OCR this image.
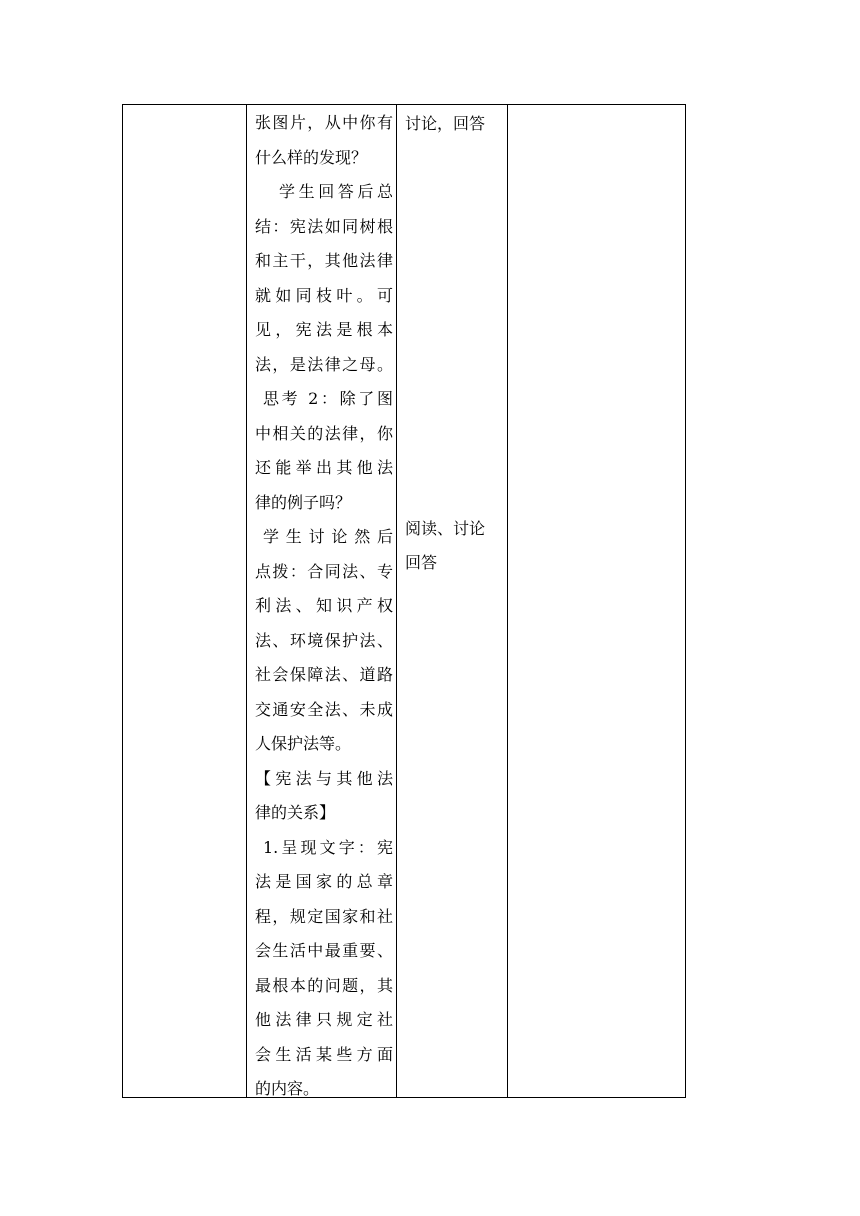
张图片，从中你有
什么样的发现？
学生回答后总
结：宪法如同树根
和主干，其他法律
就如同枝叶。可
见，宪法是根本
法，是法律之母。
思考 2：除了图
中相关的法律，你
还能举出其他法
律的例子吗？
学生讨论然后
点拨：合同法、专
利法、知识产权
法、环境保护法、
社会保障法、道路
交通安全法、未成
人保护法等。
【宪法与其他法
律的关系】
1.呈现文字：宪
法是国家的总章
程，规定国家和社
会生活中最重要、
最根本的问题，其
他法律只规定社
会生活某些方面
的内容。
讨论，回答
阅读、讨论
回答
